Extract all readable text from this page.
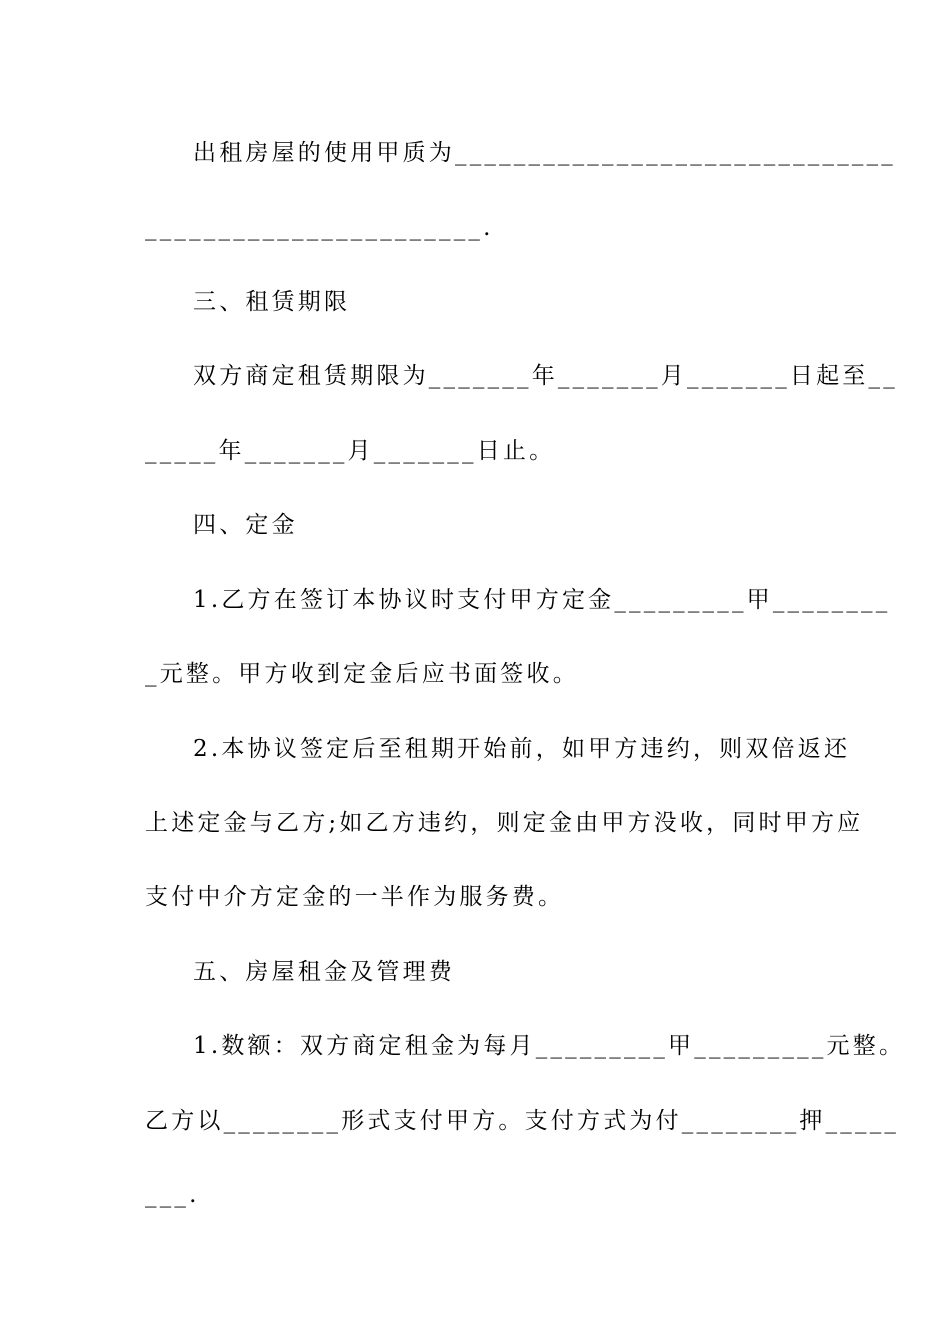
出租房屋的使用甲质为______________________________
_______________________.
三、租赁期限
双方商定租赁期限为_______年_______月_______日起至__
_____年_______月_______日止。
四、定金
1.乙方在签订本协议时支付甲方定金_________甲________
_元整。甲方收到定金后应书面签收。
2.本协议签定后至租期开始前，如甲方违约，则双倍返还
上述定金与乙方;如乙方违约，则定金由甲方没收，同时甲方应
支付中介方定金的一半作为服务费。
五、房屋租金及管理费
1.数额：双方商定租金为每月_________甲_________元整。
乙方以________形式支付甲方。支付方式为付________押_____
___.
